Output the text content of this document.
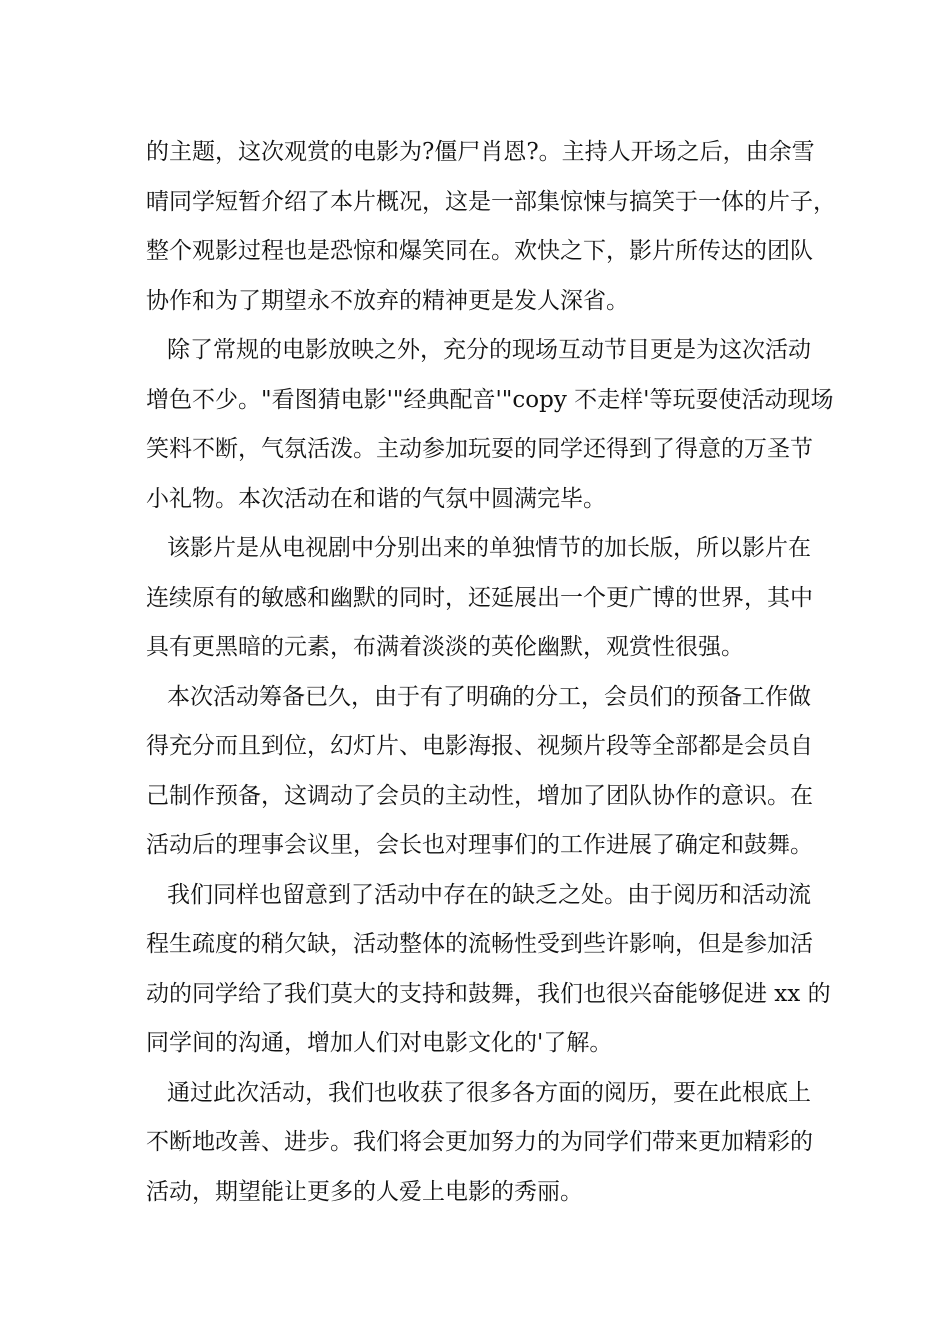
的主题，这次观赏的电影为?僵尸肖恩?。主持人开场之后，由余雪
晴同学短暂介绍了本片概况，这是一部集惊悚与搞笑于一体的片子，
整个观影过程也是恐惊和爆笑同在。欢快之下，影片所传达的团队
协作和为了期望永不放弃的精神更是发人深省。
除了常规的电影放映之外，充分的现场互动节目更是为这次活动
增色不少。"看图猜电影'"经典配音'"copy 不走样'等玩耍使活动现场
笑料不断，气氛活泼。主动参加玩耍的同学还得到了得意的万圣节
小礼物。本次活动在和谐的气氛中圆满完毕。
该影片是从电视剧中分别出来的单独情节的加长版，所以影片在
连续原有的敏感和幽默的同时，还延展出一个更广博的世界，其中
具有更黑暗的元素，布满着淡淡的英伦幽默，观赏性很强。
本次活动筹备已久，由于有了明确的分工，会员们的预备工作做
得充分而且到位，幻灯片、电影海报、视频片段等全部都是会员自
己制作预备，这调动了会员的主动性，增加了团队协作的意识。在
活动后的理事会议里，会长也对理事们的工作进展了确定和鼓舞。
我们同样也留意到了活动中存在的缺乏之处。由于阅历和活动流
程生疏度的稍欠缺，活动整体的流畅性受到些许影响，但是参加活
动的同学给了我们莫大的支持和鼓舞，我们也很兴奋能够促进 xx 的
同学间的沟通，增加人们对电影文化的'了解。
通过此次活动，我们也收获了很多各方面的阅历，要在此根底上
不断地改善、进步。我们将会更加努力的为同学们带来更加精彩的
活动，期望能让更多的人爱上电影的秀丽。
